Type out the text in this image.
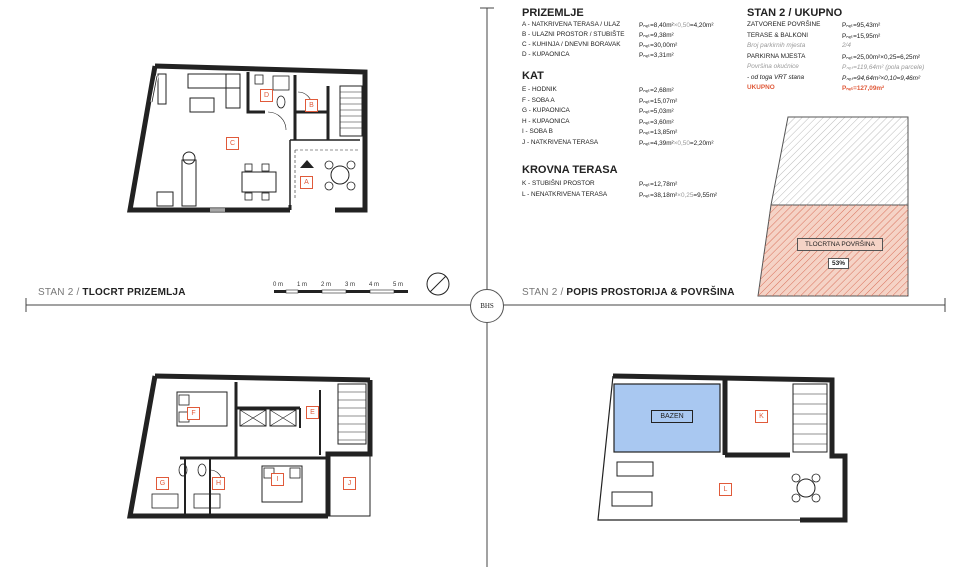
C
D
B
A
F	E
I
G	H	J
BAZEN	K
L
TLOCRTNA POVRŠINA
53%
STAN 2 / TLOCRT PRIZEMLJA	STAN 2 / POPIS PROSTORIJA & POVRŠINA
0 m 1 m 2 m 3 m 4 m 5 m
BHS
PRIZEMLJE
A - NATKRIVENA TERASA / ULAZ	Pₙₑₜ=8,40m²×0,50=4,20m²
B - ULAZNI PROSTOR / STUBIŠTE Pₙₑₜ=9,38m²
C - KUHINJA / DNEVNI BORAVAK	Pₙₑₜ=30,00m²
D - KUPAONICA	Pₙₑₜ=3,31m²
KAT
E - HODNIK	Pₙₑₜ=2,68m²
F - SOBA A	Pₙₑₜ=15,07m²
G - KUPAONICA	Pₙₑₜ=5,03m²
H - KUPAONICA	Pₙₑₜ=3,60m²
I - SOBA B	Pₙₑₜ=13,85m²
J - NATKRIVENA TERASA	Pₙₑₜ=4,39m²×0,50=2,20m²
KROVNA TERASA
K - STUBIŠNI PROSTOR	Pₙₑₜ=12,78m²
L - NENATKRIVENA TERASA	Pₙₑₜ=38,18m²×0,25=9,55m²
STAN 2 / UKUPNO
ZATVORENE POVRŠINE	Pₙₑₜ=95,43m²
TERASE & BALKONI	Pₙₑₜ=15,95m²
Broj parkirnih mjesta	2/4
PARKIRNA MJESTA	Pₙₑₜ=25,00m²×0,25=6,25m²
Površina okućnice	Pₙₑₜ=119,64m² (pola parcele)
- od toga VRT stana	Pₙₑₜ=94,64m²×0,10=9,46m²
UKUPNO	Pₙₑₜ=127,09m²
